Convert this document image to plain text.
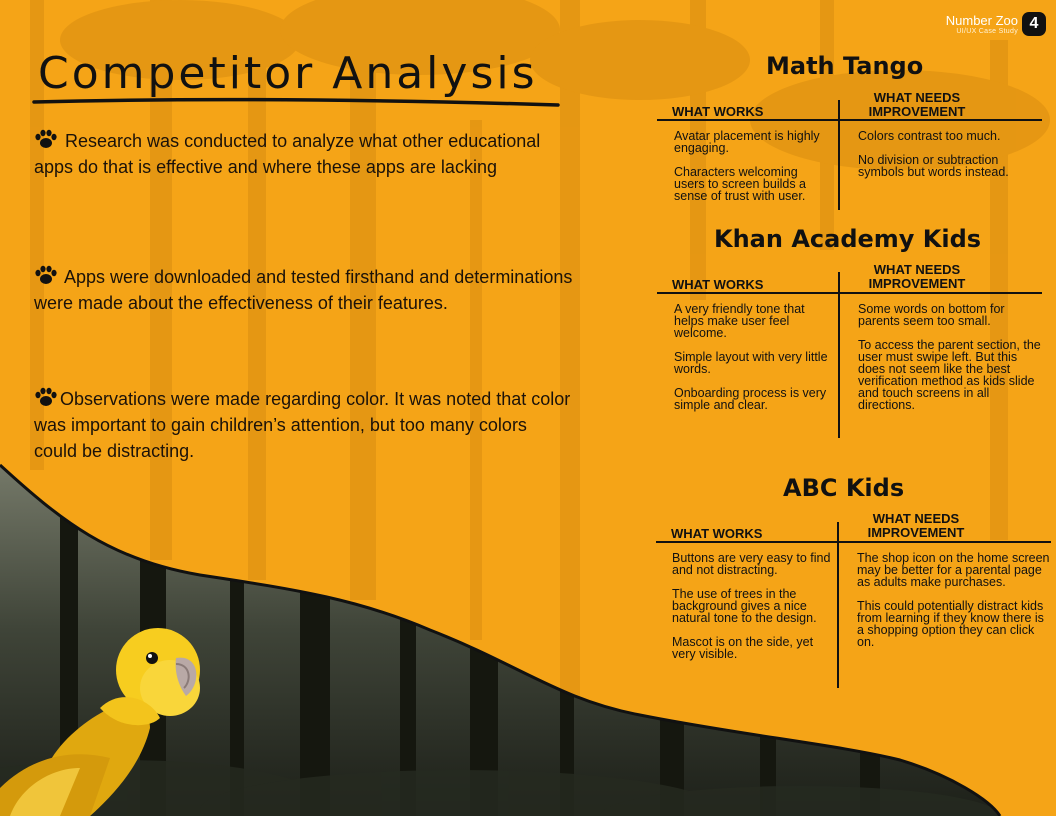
Number Zoo
UI/UX Case Study 4
Competitor Analysis
Research was conducted to analyze what other educational apps do that is effective and where these apps are lacking
Apps were downloaded and tested firsthand and determinations were made about the effectiveness of their features.
Observations were made regarding color. It was noted that color was important to gain children’s attention, but too many colors could be distracting.
Math Tango
WHAT WORKS
WHAT NEEDS
IMPROVEMENT

Avatar placement is highly engaging.

Characters welcoming users to screen builds a sense of trust with user.

Colors contrast too much.

No division or subtraction symbols but words instead.

Khan Academy Kids
WHAT WORKS
WHAT NEEDS
IMPROVEMENT

A very friendly tone that helps make user feel welcome.

Simple layout with very little words.

Onboarding process is very simple and clear.

Some words on bottom for parents seem too small.

To access the parent section, the user must swipe left. But this does not seem like the best verification method as kids slide and touch screens in all directions.

ABC Kids
WHAT WORKS
WHAT NEEDS
IMPROVEMENT

Buttons are very easy to find and not distracting.

The use of trees in the background gives a nice natural tone to the design.

Mascot is on the side, yet very visible.

The shop icon on the home screen may be better for a parental page as adults make purchases.

This could potentially distract kids from learning if they know there is a shopping option they can click on.
